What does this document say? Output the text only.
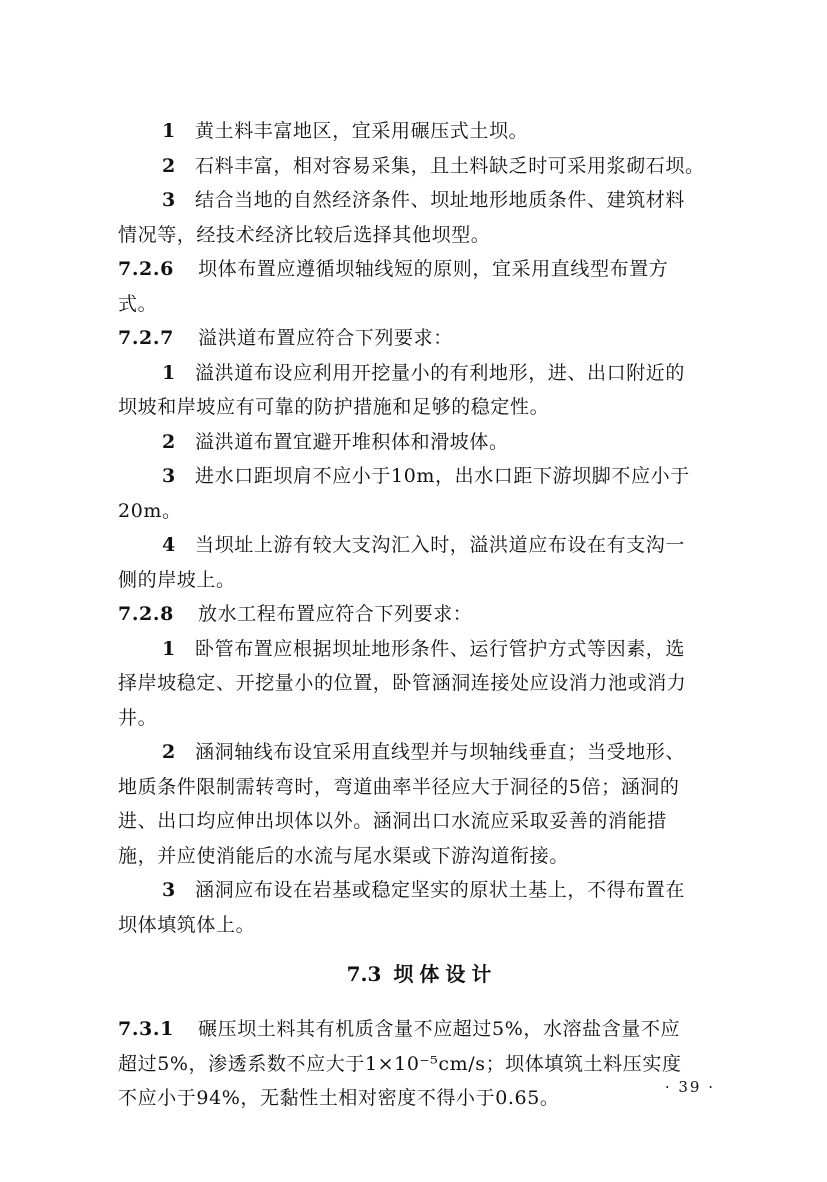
1 黄土料丰富地区，宜采用碾压式土坝。
2 石料丰富，相对容易采集，且土料缺乏时可采用浆砌石坝。
3 结合当地的自然经济条件、坝址地形地质条件、建筑材料
情况等，经技术经济比较后选择其他坝型。
7.2.6 坝体布置应遵循坝轴线短的原则，宜采用直线型布置方
式。
7.2.7 溢洪道布置应符合下列要求：
1 溢洪道布设应利用开挖量小的有利地形，进、出口附近的
坝坡和岸坡应有可靠的防护措施和足够的稳定性。
2 溢洪道布置宜避开堆积体和滑坡体。
3 进水口距坝肩不应小于10m，出水口距下游坝脚不应小于
20m。
4 当坝址上游有较大支沟汇入时，溢洪道应布设在有支沟一
侧的岸坡上。
7.2.8 放水工程布置应符合下列要求：
1 卧管布置应根据坝址地形条件、运行管护方式等因素，选
择岸坡稳定、开挖量小的位置，卧管涵洞连接处应设消力池或消力
井。
2 涵洞轴线布设宜采用直线型并与坝轴线垂直；当受地形、
地质条件限制需转弯时，弯道曲率半径应大于洞径的5倍；涵洞的
进、出口均应伸出坝体以外。涵洞出口水流应采取妥善的消能措
施，并应使消能后的水流与尾水渠或下游沟道衔接。
3 涵洞应布设在岩基或稳定坚实的原状土基上，不得布置在
坝体填筑体上。
7.3 坝体设计
7.3.1 碾压坝土料其有机质含量不应超过5%，水溶盐含量不应
超过5%，渗透系数不应大于1×10⁻⁵cm/s；坝体填筑土料压实度
不应小于94%，无黏性土相对密度不得小于0.65。	· 39 ·
